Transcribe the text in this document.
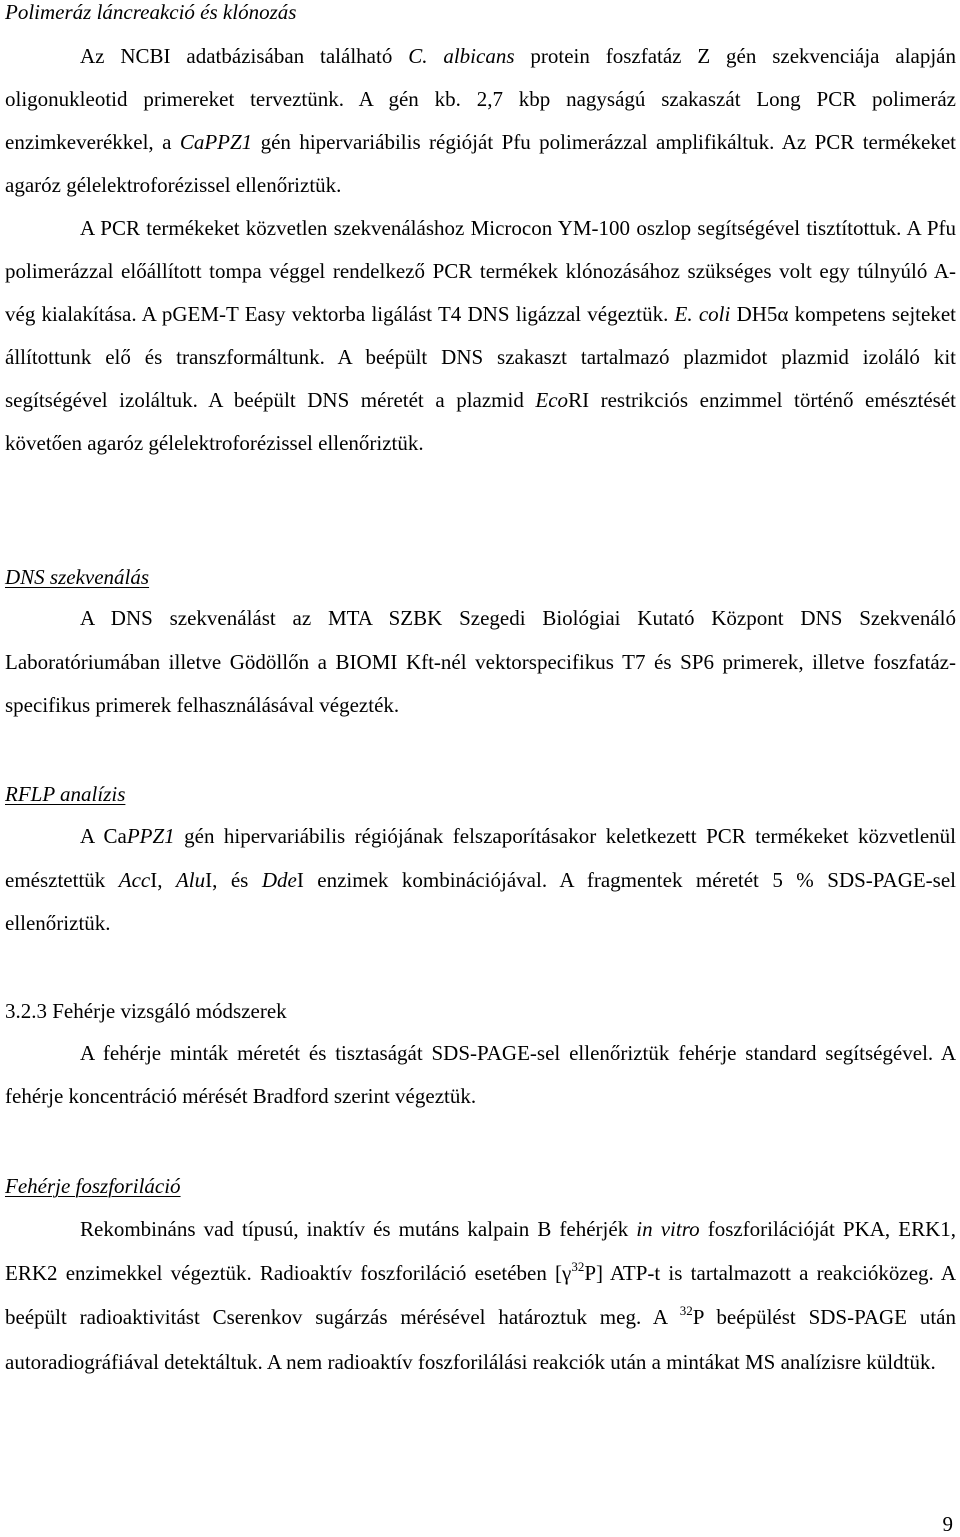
Polimeráz láncreakció és klónozás

Az NCBI adatbázisában található C. albicans protein foszfatáz Z gén szekvenciája alapján oligonukleotid primereket terveztünk. A gén kb. 2,7 kbp nagyságú szakaszát Long PCR polimeráz enzimkeverékkel, a CaPPZ1 gén hipervariábilis régióját Pfu polimerázzal amplifikáltuk. Az PCR termékeket agaróz gélelektroforézissel ellenőriztük.

A PCR termékeket közvetlen szekvenáláshoz Microcon YM-100 oszlop segítségével tisztítottuk. A Pfu polimerázzal előállított tompa véggel rendelkező PCR termékek klónozásához szükséges volt egy túlnyúló A-vég kialakítása. A pGEM-T Easy vektorba ligálást T4 DNS ligázzal végeztük. E. coli DH5α kompetens sejteket állítottunk elő és transzformáltunk. A beépült DNS szakaszt tartalmazó plazmidot plazmid izoláló kit segítségével izoláltuk. A beépült DNS méretét a plazmid EcoRI restrikciós enzimmel történő emésztését követően agaróz gélelektroforézissel ellenőriztük.

DNS szekvenálás

A DNS szekvenálást az MTA SZBK Szegedi Biológiai Kutató Központ DNS Szekvenáló Laboratóriumában illetve Gödöllőn a BIOMI Kft-nél vektorspecifikus T7 és SP6 primerek, illetve foszfatáz-specifikus primerek felhasználásával végezték.

RFLP analízis

A CaPPZ1 gén hipervariábilis régiójának felszaporításakor keletkezett PCR termékeket közvetlenül emésztettük AccI, AluI, és DdeI enzimek kombinációjával. A fragmentek méretét 5 % SDS-PAGE-sel ellenőriztük.

3.2.3 Fehérje vizsgáló módszerek

A fehérje minták méretét és tisztaságát SDS-PAGE-sel ellenőriztük fehérje standard segítségével. A fehérje koncentráció mérését Bradford szerint végeztük.

Fehérje foszforiláció

Rekombináns vad típusú, inaktív és mutáns kalpain B fehérjék in vitro foszforilációját PKA, ERK1, ERK2 enzimekkel végeztük. Radioaktív foszforiláció esetében $[\gamma^{32}P]$ ATP-t is tartalmazott a reakcióközeg. A beépült radioaktivitást Cserenkov sugárzás mérésével határoztuk meg. A $^{32}$P beépülést SDS-PAGE után autoradiográfiával detektáltuk. A nem radioaktív foszforilálási reakciók után a mintákat MS analízisre küldtük.

9
